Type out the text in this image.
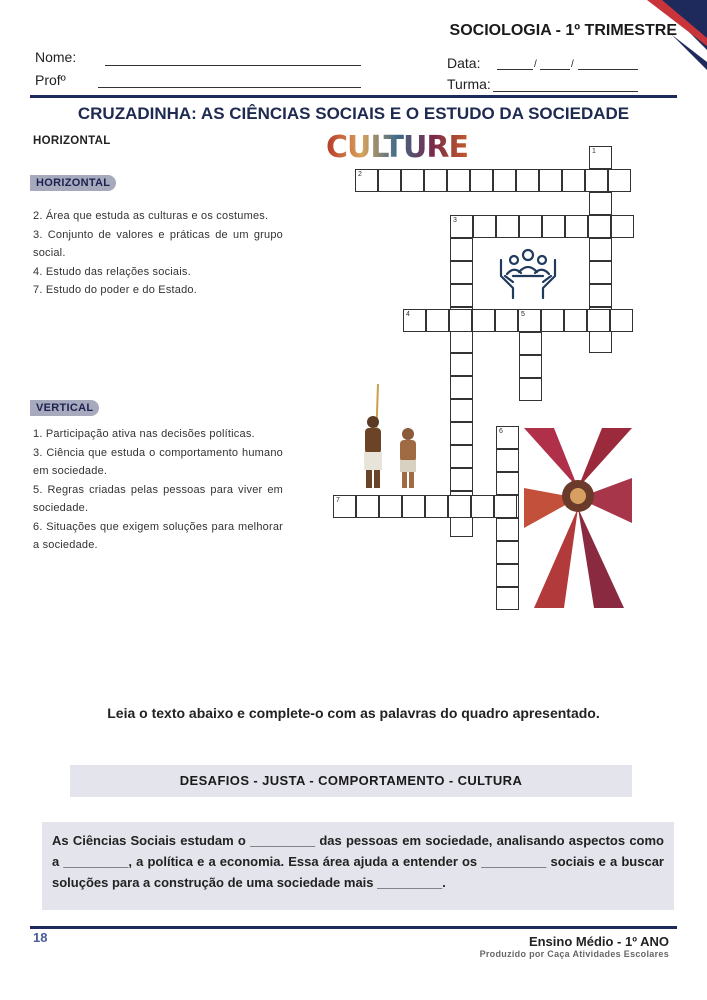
SOCIOLOGIA - 1º TRIMESTRE
Nome:
Profº
Data:	/	/
Turma:
CRUZADINHA: AS CIÊNCIAS SOCIAIS E O ESTUDO DA SOCIEDADE
HORIZONTAL
HORIZONTAL
2. Área que estuda as culturas e os costumes.
3. Conjunto de valores e práticas de um grupo social.
4. Estudo das relações sociais.
7. Estudo do poder e do Estado.
VERTICAL
1. Participação ativa nas decisões políticas.
3. Ciência que estuda o comportamento humano em sociedade.
5. Regras criadas pelas pessoas para viver em sociedade.
6. Situações que exigem soluções para melhorar a sociedade.
CULTURE	1
2
3
4
6
7
5
Leia o texto abaixo e complete-o com as palavras do quadro apresentado.
DESAFIOS - JUSTA - COMPORTAMENTO - CULTURA
As Ciências Sociais estudam o _________ das pessoas em sociedade, analisando aspectos como a _________, a política e a economia. Essa área ajuda a entender os _________ sociais e a buscar soluções para a construção de uma sociedade mais _________.
18	Ensino Médio - 1º ANO
Produzido por Caça Atividades Escolares
